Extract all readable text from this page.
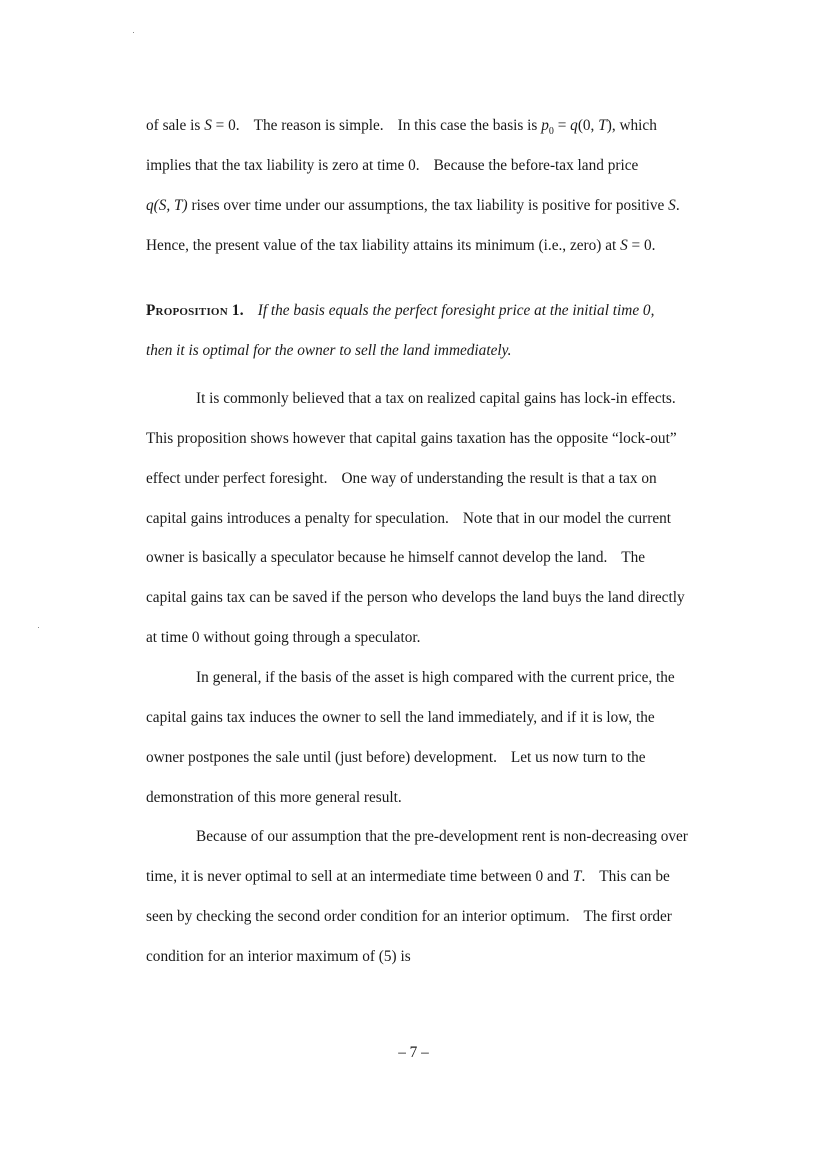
of sale is S = 0. The reason is simple. In this case the basis is $p_0 = q(0$, T), which
implies that the tax liability is zero at time 0. Because the before-tax land price
q(S, T) rises over time under our assumptions, the tax liability is positive for positive S.
Hence, the present value of the tax liability attains its minimum (i.e., zero) at S = 0.
Proposition 1. If the basis equals the perfect foresight price at the initial time 0,
then it is optimal for the owner to sell the land immediately.
It is commonly believed that a tax on realized capital gains has lock-in effects.
This proposition shows however that capital gains taxation has the opposite “lock-out”
effect under perfect foresight. One way of understanding the result is that a tax on
capital gains introduces a penalty for speculation. Note that in our model the current
owner is basically a speculator because he himself cannot develop the land. The
capital gains tax can be saved if the person who develops the land buys the land directly
at time 0 without going through a speculator.
In general, if the basis of the asset is high compared with the current price, the
capital gains tax induces the owner to sell the land immediately, and if it is low, the
owner postpones the sale until (just before) development. Let us now turn to the
demonstration of this more general result.
Because of our assumption that the pre-development rent is non-decreasing over
time, it is never optimal to sell at an intermediate time between 0 and T. This can be
seen by checking the second order condition for an interior optimum. The first order
condition for an interior maximum of (5) is
– 7 –
